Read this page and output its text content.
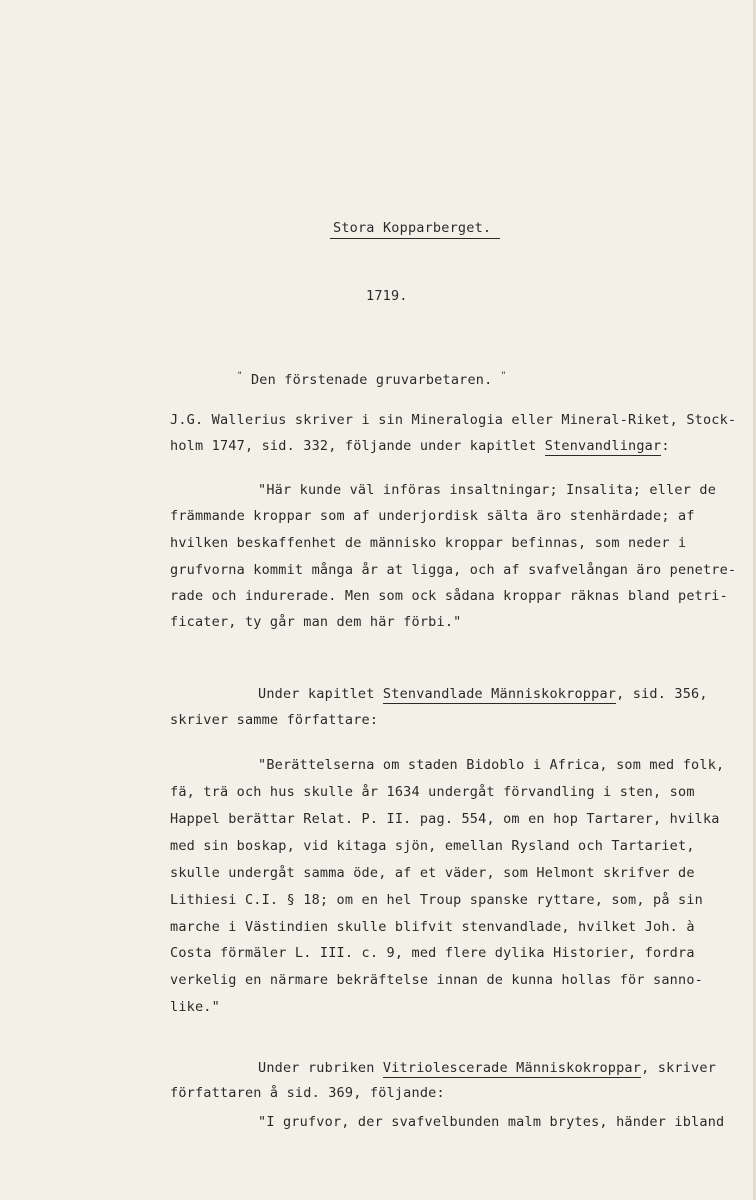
Stora Kopparberget.
1719.
" Den förstenade gruvarbetaren. "
J.G. Wallerius skriver i sin Mineralogia eller Mineral-Riket, Stock-
holm 1747, sid. 332, följande under kapitlet Stenvandlingar:
"Här kunde väl införas insaltningar; Insalita; eller de
främmande kroppar som af underjordisk sälta äro stenhärdade; af
hvilken beskaffenhet de människo kroppar befinnas, som neder i
grufvorna kommit många år at ligga, och af svafvelångan äro penetre-
rade och indurerade. Men som ock sådana kroppar räknas bland petri-
ficater, ty går man dem här förbi."
Under kapitlet Stenvandlade Människokroppar, sid. 356,
skriver samme författare:
"Berättelserna om staden Bidoblo i Africa, som med folk,
fä, trä och hus skulle år 1634 undergåt förvandling i sten, som
Happel berättar Relat. P. II. pag. 554, om en hop Tartarer, hvilka
med sin boskap, vid kitaga sjön, emellan Rysland och Tartariet,
skulle undergåt samma öde, af et väder, som Helmont skrifver de
Lithiesi C.I. § 18; om en hel Troup spanske ryttare, som, på sin
marche i Västindien skulle blifvit stenvandlade, hvilket Joh. à
Costa förmäler L. III. c. 9, med flere dylika Historier, fordra
verkelig en närmare bekräftelse innan de kunna hollas för sanno-
like."
Under rubriken Vitriolescerade Människokroppar, skriver
författaren å sid. 369, följande:
"I grufvor, der svafvelbunden malm brytes, händer ibland
